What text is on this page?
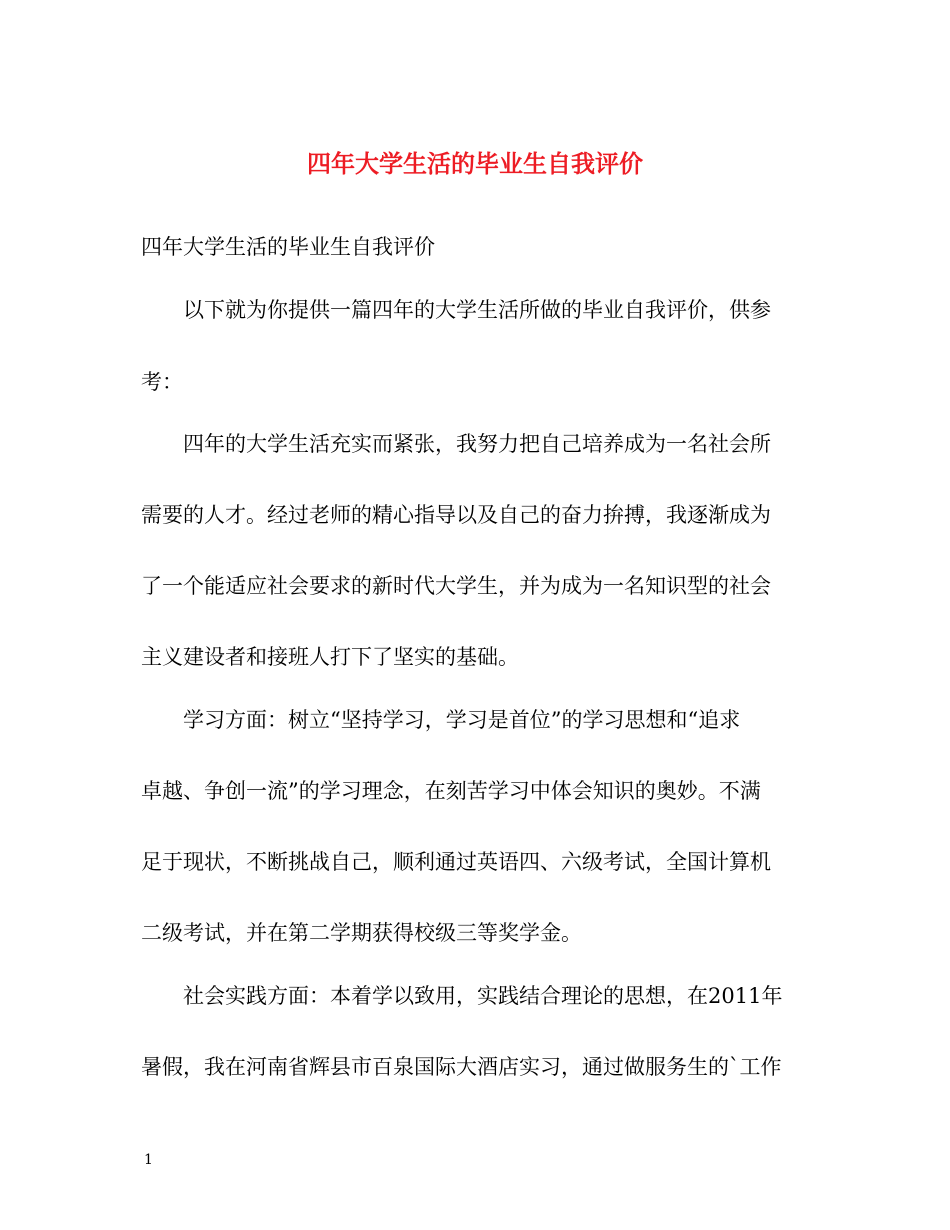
四年大学生活的毕业生自我评价

四年大学生活的毕业生自我评价

以下就为你提供一篇四年的大学生活所做的毕业自我评价，供参

考：

四年的大学生活充实而紧张，我努力把自己培养成为一名社会所

需要的人才。经过老师的精心指导以及自己的奋力拚搏，我逐渐成为

了一个能适应社会要求的新时代大学生，并为成为一名知识型的社会

主义建设者和接班人打下了坚实的基础。

学习方面：树立“坚持学习，学习是首位”的学习思想和“追求

卓越、争创一流”的学习理念，在刻苦学习中体会知识的奥妙。不满

足于现状，不断挑战自己，顺利通过英语四、六级考试，全国计算机

二级考试，并在第二学期获得校级三等奖学金。

社会实践方面：本着学以致用，实践结合理论的思想，在2011年

暑假，我在河南省辉县市百泉国际大酒店实习，通过做服务生的`工作

1
